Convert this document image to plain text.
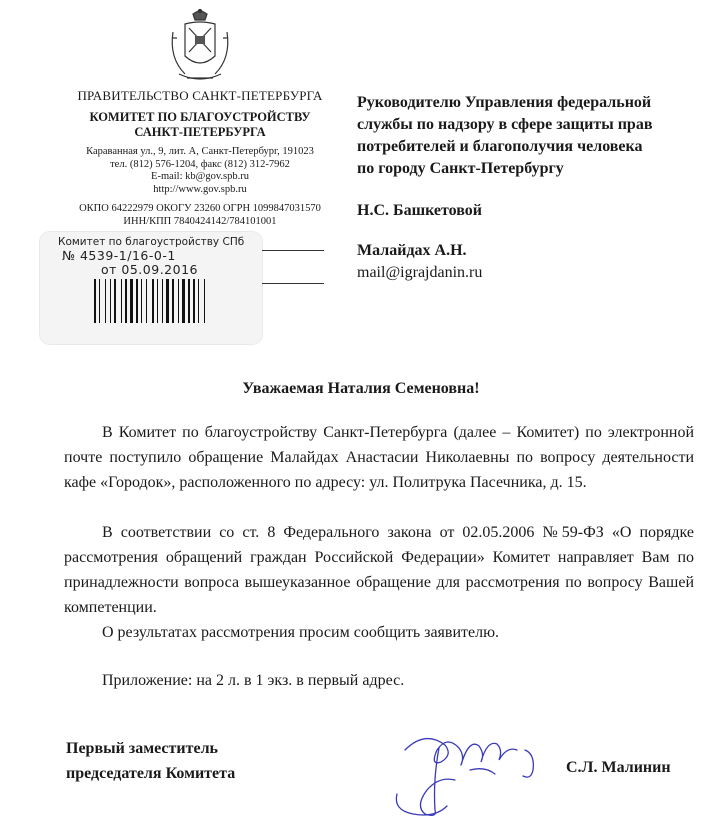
ПРАВИТЕЛЬСТВО САНКТ-ПЕТЕРБУРГА
КОМИТЕТ ПО БЛАГОУСТРОЙСТВУ
САНКТ-ПЕТЕРБУРГА
Караванная ул., 9, лит. А, Санкт-Петербург, 191023
тел. (812) 576-1204, факс (812) 312-7962
E-mail: kb@gov.spb.ru
http://www.gov.spb.ru
ОКПО 64222979 ОКОГУ 23260 ОГРН 1099847031570
ИНН/КПП 7840424142/784101001
Комитет по благоустройству СПб
№ 4539-1/16-0-1
от 05.09.2016
Руководителю Управления федеральной
службы по надзору в сфере защиты прав
потребителей и благополучия человека
по городу Санкт-Петербургу
Н.С. Башкетовой
Малайдах А.Н.
mail@igrajdanin.ru
Уважаемая Наталия Семеновна!
В Комитет по благоустройству Санкт-Петербурга (далее – Комитет) по электронной почте поступило обращение Малайдах Анастасии Николаевны по вопросу деятельности кафе «Городок», расположенного по адресу: ул. Политрука Пасечника, д. 15.
В соответствии со ст. 8 Федерального закона от 02.05.2006 №59-ФЗ «О порядке рассмотрения обращений граждан Российской Федерации» Комитет направляет Вам по принадлежности вопроса вышеуказанное обращение для рассмотрения по вопросу Вашей компетенции.
О результатах рассмотрения просим сообщить заявителю.
Приложение: на 2 л. в 1 экз. в первый адрес.
Первый заместитель
председателя Комитета	С.Л. Малинин
